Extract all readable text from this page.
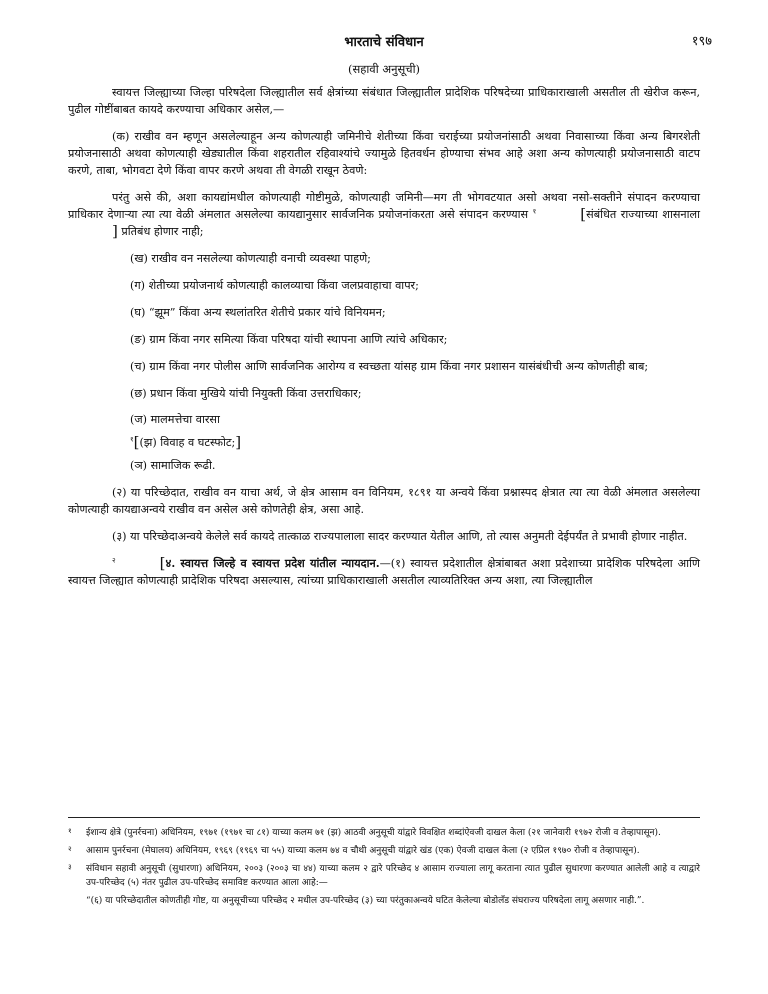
भारताचे संविधान	१९७
(सहावी अनुसूची)

स्वायत्त जिल्ह्याच्या जिल्हा परिषदेला जिल्ह्यातील सर्व क्षेत्रांच्या संबंधात जिल्ह्यातील प्रादेशिक परिषदेच्या प्राधिकाराखाली असतील ती खेरीज करून, पुढील गोष्टींबाबत कायदे करण्याचा अधिकार असेल,—

(क) राखीव वन म्हणून असलेल्याहून अन्य कोणत्याही जमिनीचे शेतीच्या किंवा चराईच्या प्रयोजनांसाठी अथवा निवासाच्या किंवा अन्य बिगरशेती प्रयोजनासाठी अथवा कोणत्याही खेड्यातील किंवा शहरातील रहिवाश्यांचे ज्यामुळे हितवर्धन होण्याचा संभव आहे अशा अन्य कोणत्याही प्रयोजनासाठी वाटप करणे, ताबा, भोगवटा देणे किंवा वापर करणे अथवा ती वेगळी राखून ठेवणे:

परंतु असे की, अशा कायद्यांमधील कोणत्याही गोष्टीमुळे, कोणत्याही जमिनी—मग ती भोगवटयात असो अथवा नसो-सक्तीने संपादन करण्याचा प्राधिकार देणाऱ्या त्या त्या वेळी अंमलात असलेल्या कायद्यानुसार सार्वजनिक प्रयोजनांकरता असे संपादन करण्यास $^१$	[संबंधित राज्याच्या शासनाला] प्रतिबंध होणार नाही;

(ख) राखीव वन नसलेल्या कोणत्याही वनाची व्यवस्था पाहणे;

(ग) शेतीच्या प्रयोजनार्थ कोणत्याही कालव्याचा किंवा जलप्रवाहाचा वापर;

(घ) “झूम” किंवा अन्य स्थलांतरित शेतीचे प्रकार यांचे विनियमन;

(ङ) ग्राम किंवा नगर समित्या किंवा परिषदा यांची स्थापना आणि त्यांचे अधिकार;

(च) ग्राम किंवा नगर पोलीस आणि सार्वजनिक आरोग्य व स्वच्छता यांसह ग्राम किंवा नगर प्रशासन यासंबंधीची अन्य कोणतीही बाब;

(छ) प्रधान किंवा मुखिये यांची नियुक्ती किंवा उत्तराधिकार;

(ज) मालमत्तेचा वारसा

$^१$[(झ) विवाह व घटस्फोट;]

(ञ) सामाजिक रूढी.

(२) या परिच्छेदात, राखीव वन याचा अर्थ, जे क्षेत्र आसाम वन विनियम, १८९१ या अन्वये किंवा प्रश्नास्पद क्षेत्रात त्या त्या वेळी अंमलात असलेल्या कोणत्याही कायद्याअन्वये राखीव वन असेल असे कोणतेही क्षेत्र, असा आहे.

(३) या परिच्छेदाअन्वये केलेले सर्व कायदे तात्काळ राज्यपालाला सादर करण्यात येतील आणि, तो त्यास अनुमती देईपर्यंत ते प्रभावी होणार नाहीत.

$^२$	[४. स्वायत्त जिल्हे व स्वायत्त प्रदेश यांतील न्यायदान.—(१) स्वायत्त प्रदेशातील क्षेत्रांबाबत अशा प्रदेशाच्या प्रादेशिक परिषदेला आणि स्वायत्त जिल्ह्यात कोणत्याही प्रादेशिक परिषदा असल्यास, त्यांच्या प्राधिकाराखाली असतील त्याव्यतिरिक्त अन्य अशा, त्या जिल्ह्यातील

१ ईशान्य क्षेत्रे (पुनर्रचना) अधिनियम, १९७१ (१९७१ चा ८१) याच्या कलम ७१ (झ) आठवी अनुसूची यांद्वारे विवक्षित शब्दांऐवजी दाखल केला (२१ जानेवारी १९७२ रोजी व तेव्हापासून).

२ आसाम पुनर्रचना (मेघालय) अधिनियम, १९६९ (१९६९ चा ५५) याच्या कलम ७४ व चौथी अनुसूची यांद्वारे खंड (एक) ऐवजी दाखल केला (२ एप्रिल १९७० रोजी व तेव्हापासून).

३ संविधान सहावी अनुसूची (सुधारणा) अधिनियम, २००३ (२००३ चा ४४) याच्या कलम २ द्वारे परिच्छेद ४ आसाम राज्याला लागू करताना त्यात पुढील सुधारणा करण्यात आलेली आहे व त्याद्वारे उप-परिच्छेद (५) नंतर पुढील उप-परिच्छेद समाविष्ट करण्यात आला आहे:—

“(६) या परिच्छेदातील कोणतीही गोष्ट, या अनुसूचीच्या परिच्छेद २ मधील उप-परिच्छेद (३) च्या परंतुकाअन्वये घटित केलेल्या बोडोलँड संघराज्य परिषदेला लागू असणार नाही.”.
